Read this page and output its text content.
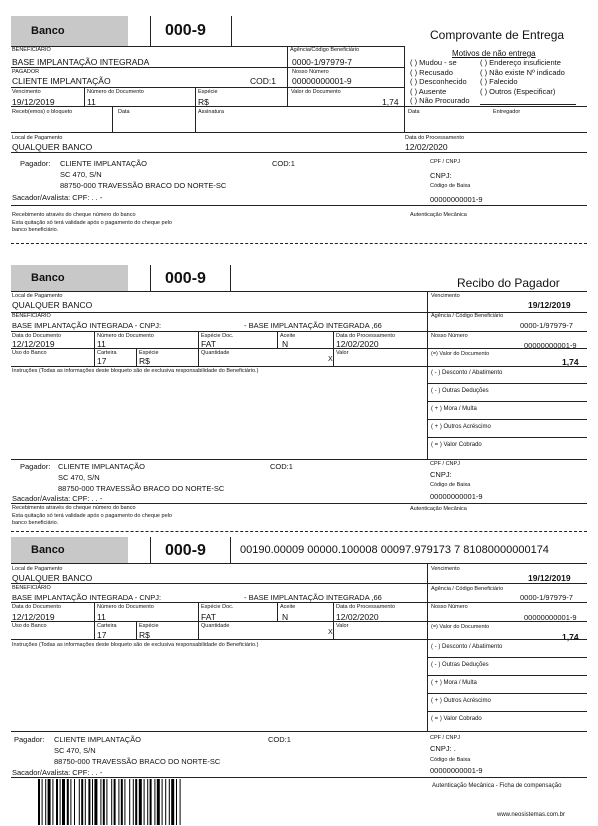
Banco	000-9	Comprovante de Entrega
BENEFICIÁRIO
BASE IMPLANTAÇÃO INTEGRADA
Agência/Código Beneficiário
0000-1/97979-7
PAGADOR
CLIENTE IMPLANTAÇÃO	COD:1
Nosso Número
00000000001-9
Vencimento
19/12/2019
Número do Documento
11
Espécie
R$
Valor do Documento
1,74
Receb(emos) o bloqueto	Data	Assinatura	Data	Entregador
Motivos de não entrega
( ) Mudou - se
( ) Recusado
( ) Desconhecido
( ) Ausente
( ) Não Procurado
( ) Endereço insuficiente
( ) Não existe Nº indicado
( ) Falecido
( ) Outros (Especificar)
Local de Pagamento
QUALQUER BANCO
Data do Processamento
12/02/2020
Pagador: CLIENTE IMPLANTAÇÃO	COD:1
SC 470, S/N
88750-000 TRAVESSÃO BRACO DO NORTE-SC
Sacador/Avalista: CPF: . . -
CPF / CNPJ
CNPJ:
Código de Baixa
00000000001-9
Recebimento através do cheque número do banco
Esta quitação só terá validade após o pagamento do cheque pelo
banco beneficiário.
Autenticação Mecânica
Banco	000-9	Recibo do Pagador
Local de Pagamento
QUALQUER BANCO
Vencimento
19/12/2019
BENEFICIÁRIO
BASE IMPLANTAÇÃO INTEGRADA - CNPJ:	- BASE IMPLANTAÇÃO INTEGRADA ,66
Agência / Código Beneficiário
0000-1/97979-7
Data do Documento
12/12/2019
Número do Documento
11
Espécie Doc.
FAT
Aceite
N
Data do Processamento
12/02/2020
Nosso Número
00000000001-9
Uso do Banco	Carteira
17
Espécie
R$
Quantidade	Valor
X
(=) Valor do Documento
1,74
Instruções (Todas as informações deste bloqueto são de exclusiva responsabilidade do Beneficiário.)	( - ) Desconto / Abatimento
( - ) Outras Deduções
( + ) Mora / Multa
( + ) Outros Acréscimo
( = ) Valor Cobrado
Pagador: CLIENTE IMPLANTAÇÃO	COD:1
SC 470, S/N
88750-000 TRAVESSÃO BRACO DO NORTE-SC
Sacador/Avalista: CPF: . . -
CPF / CNPJ
CNPJ:
Código de Baixa
00000000001-9
Recebimento através do cheque número do banco
Esta quitação só terá validade após o pagamento do cheque pelo
banco beneficiário.
Autenticação Mecânica
Banco	000-9	00190.00009 00000.100008 00097.979173 7 81080000000174
Local de Pagamento
QUALQUER BANCO
Vencimento
19/12/2019
BENEFICIÁRIO
BASE IMPLANTAÇÃO INTEGRADA - CNPJ:	- BASE IMPLANTAÇÃO INTEGRADA ,66
Agência / Código Beneficiário
0000-1/97979-7
Data do Documento
12/12/2019
Número do Documento
11
Espécie Doc.
FAT
Aceite
N
Data do Processamento
12/02/2020
Nosso Número
00000000001-9
Uso do Banco	Carteira
17
Espécie
R$
Quantidade	Valor
X
(=) Valor do Documento
1,74
Instruções (Todas as informações deste bloqueto são de exclusiva responsabilidade do Beneficiário.)	( - ) Desconto / Abatimento
( - ) Outras Deduções
( + ) Mora / Multa
( + ) Outros Acréscimo
( = ) Valor Cobrado
Pagador: CLIENTE IMPLANTAÇÃO	COD:1
SC 470, S/N
88750-000 TRAVESSÃO BRACO DO NORTE-SC
Sacador/Avalista: CPF: . . -
CPF / CNPJ
CNPJ: .
Código de Baixa
00000000001-9
Autenticação Mecânica - Ficha de compensação
www.neosistemas.com.br
